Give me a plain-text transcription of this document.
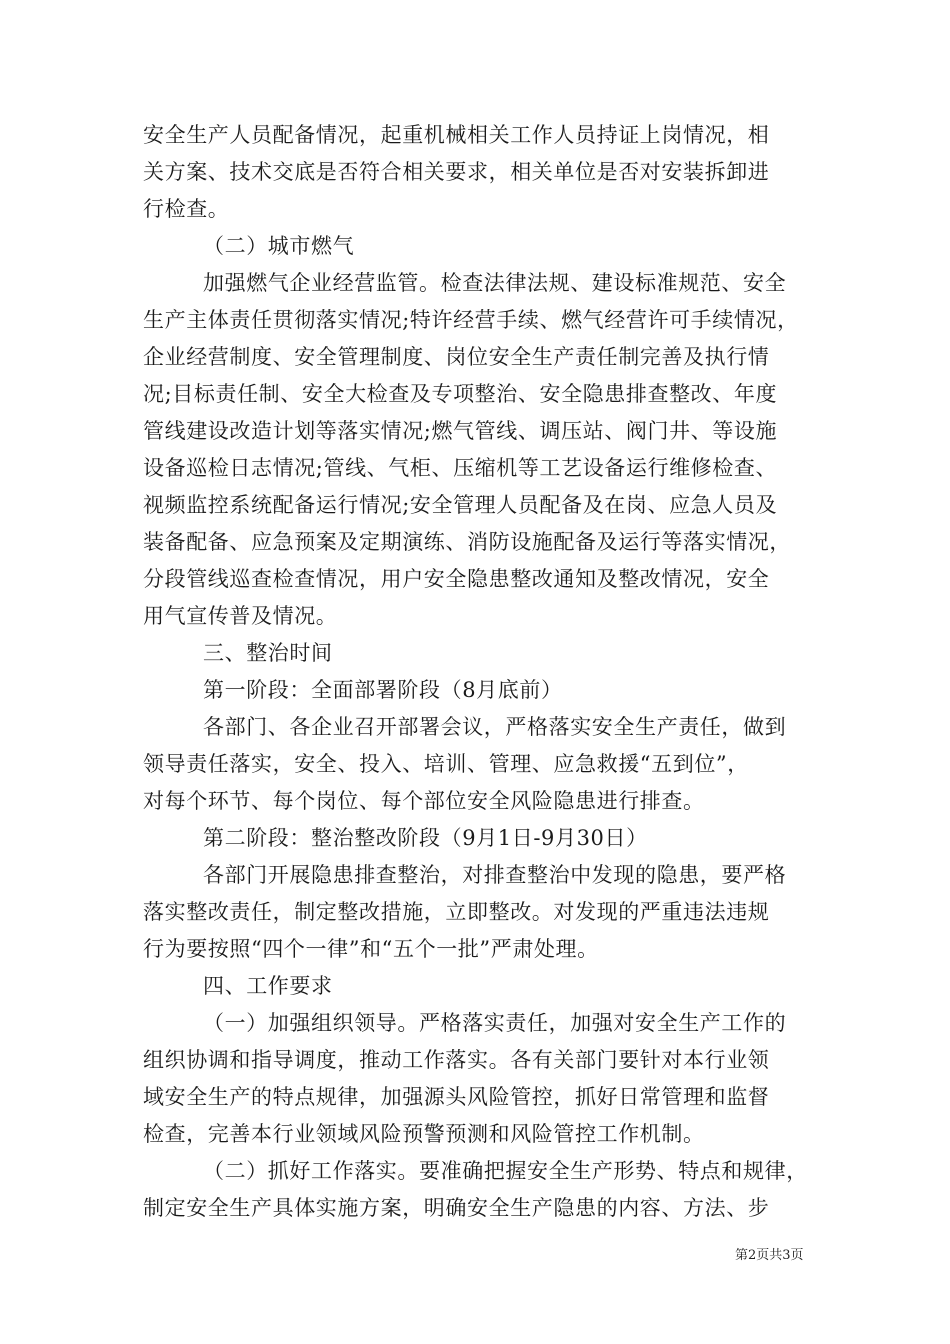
安全生产人员配备情况，起重机械相关工作人员持证上岗情况，相
关方案、技术交底是否符合相关要求，相关单位是否对安装拆卸进
行检查。
（二）城市燃气
加强燃气企业经营监管。检查法律法规、建设标准规范、安全
生产主体责任贯彻落实情况;特许经营手续、燃气经营许可手续情况，
企业经营制度、安全管理制度、岗位安全生产责任制完善及执行情
况;目标责任制、安全大检查及专项整治、安全隐患排查整改、年度
管线建设改造计划等落实情况;燃气管线、调压站、阀门井、等设施
设备巡检日志情况;管线、气柜、压缩机等工艺设备运行维修检查、
视频监控系统配备运行情况;安全管理人员配备及在岗、应急人员及
装备配备、应急预案及定期演练、消防设施配备及运行等落实情况，
分段管线巡查检查情况，用户安全隐患整改通知及整改情况，安全
用气宣传普及情况。
三、整治时间
第一阶段：全面部署阶段（8月底前）
各部门、各企业召开部署会议，严格落实安全生产责任，做到
领导责任落实，安全、投入、培训、管理、应急救援“五到位”，
对每个环节、每个岗位、每个部位安全风险隐患进行排查。
第二阶段：整治整改阶段（9月1日-9月30日）
各部门开展隐患排查整治，对排查整治中发现的隐患，要严格
落实整改责任，制定整改措施，立即整改。对发现的严重违法违规
行为要按照“四个一律”和“五个一批”严肃处理。
四、工作要求
（一）加强组织领导。严格落实责任，加强对安全生产工作的
组织协调和指导调度，推动工作落实。各有关部门要针对本行业领
域安全生产的特点规律，加强源头风险管控，抓好日常管理和监督
检查，完善本行业领域风险预警预测和风险管控工作机制。
（二）抓好工作落实。要准确把握安全生产形势、特点和规律，
制定安全生产具体实施方案，明确安全生产隐患的内容、方法、步
第2页共3页
